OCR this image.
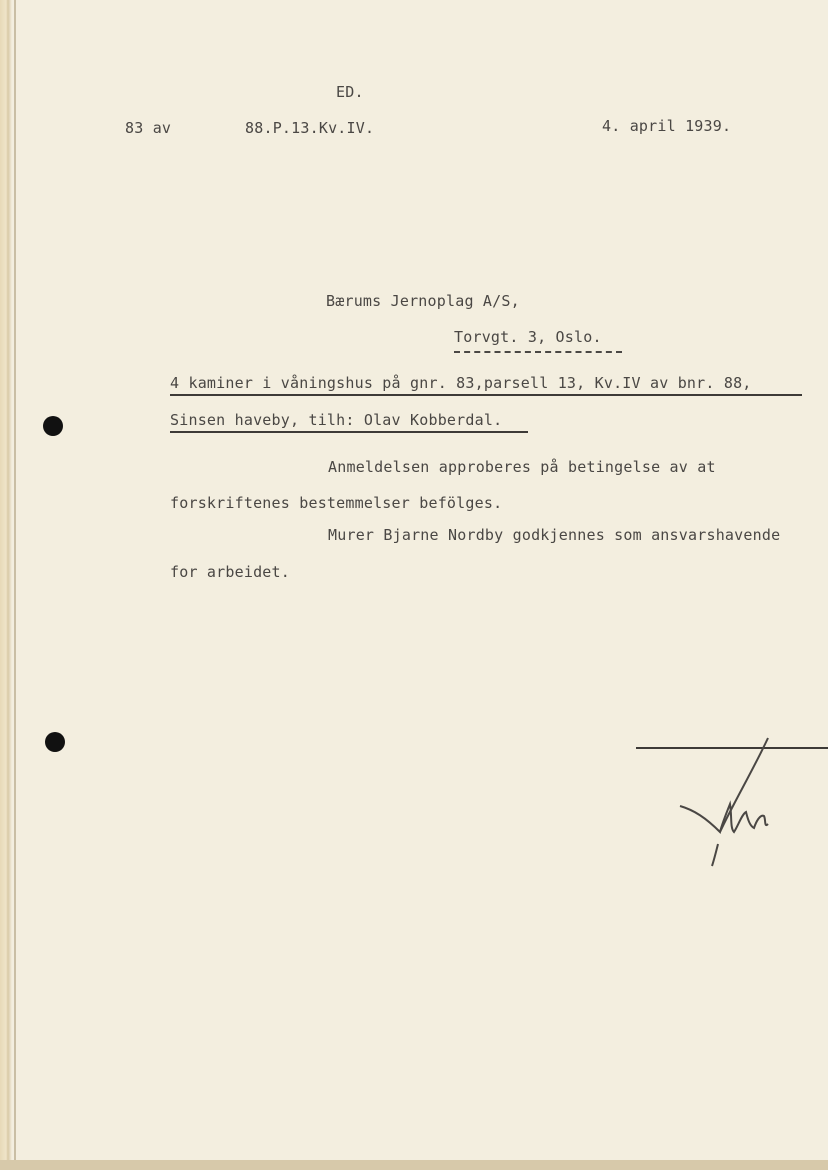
ED.
83 av	88.P.13.Kv.IV.	4. april 1939.
Bærums Jernoplag A/S,
Torvgt. 3, Oslo.
4 kaminer i våningshus på gnr. 83,parsell 13, Kv.IV av bnr. 88,
Sinsen haveby, tilh: Olav Kobberdal.
Anmeldelsen approberes på betingelse av at
forskriftenes bestemmelser befölges.
Murer Bjarne Nordby godkjennes som ansvarshavende
for arbeidet.
